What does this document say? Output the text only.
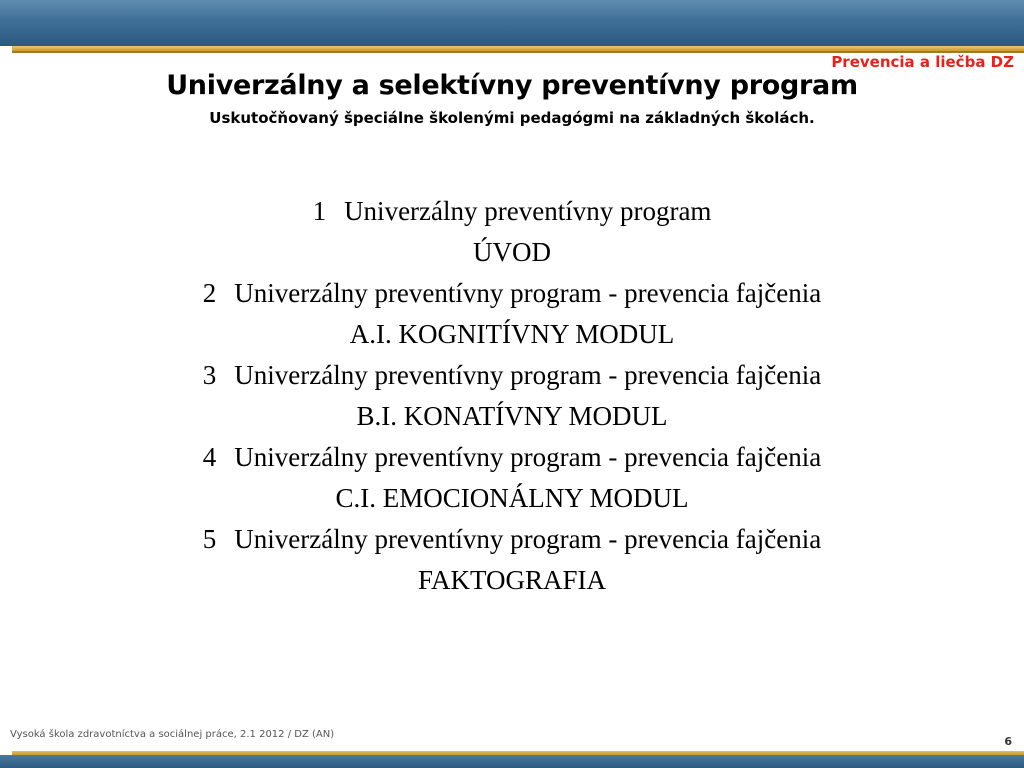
Prevencia a liečba DZ
Univerzálny a selektívny preventívny program
Uskutočňovaný špeciálne školenými pedagógmi na základných školách.
1 Univerzálny preventívny program
ÚVOD
2 Univerzálny preventívny program - prevencia fajčenia
A.I. KOGNITÍVNY MODUL
3 Univerzálny preventívny program - prevencia fajčenia
B.I. KONATÍVNY MODUL
4 Univerzálny preventívny program - prevencia fajčenia
C.I. EMOCIONÁLNY MODUL
5 Univerzálny preventívny program - prevencia fajčenia
FAKTOGRAFIA
Vysoká škola zdravotníctva a sociálnej práce, 2.1 2012 / DZ (AN)
6
